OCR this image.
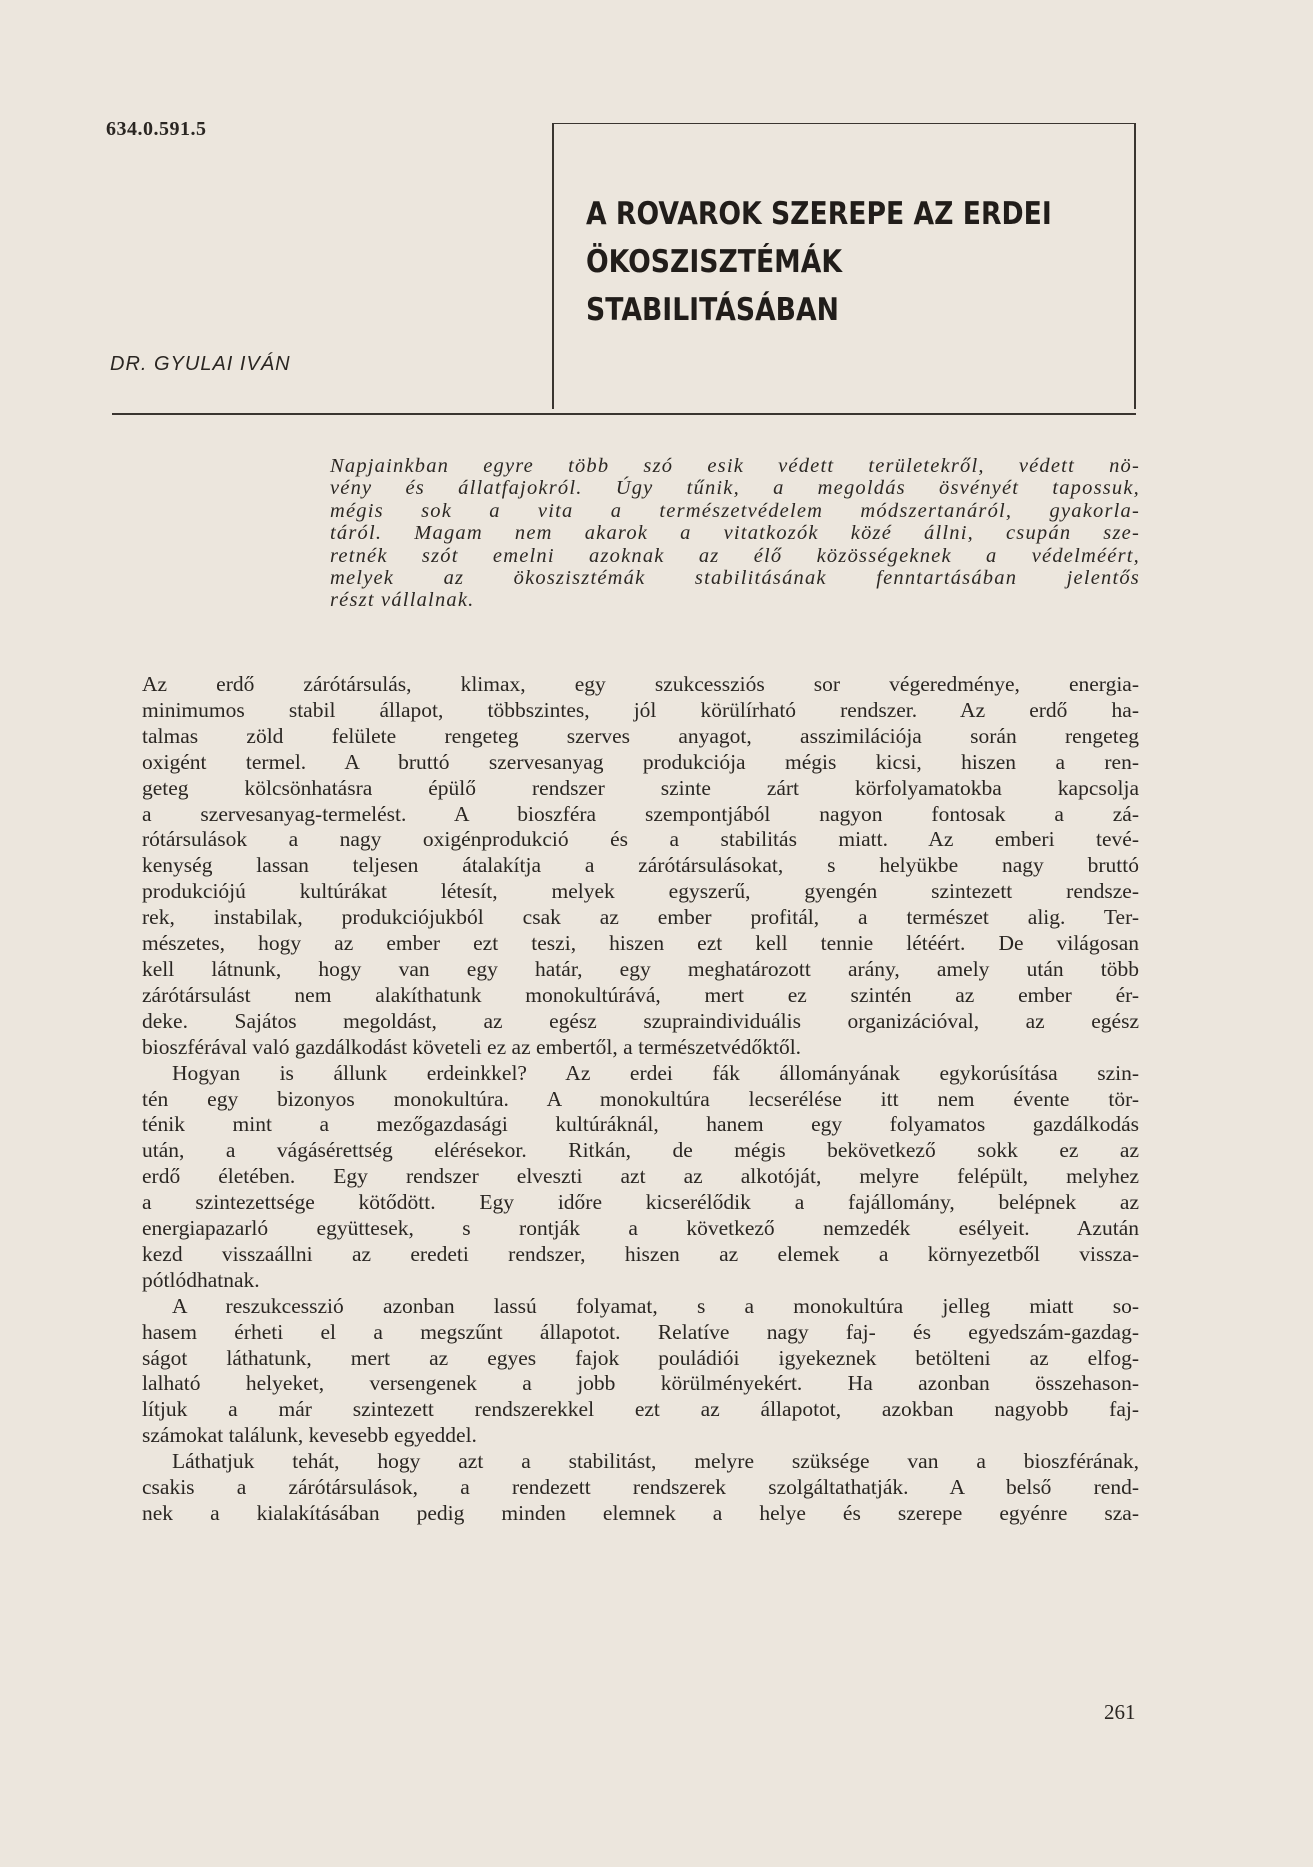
634.0.591.5
A ROVAROK SZEREPE AZ ERDEI
ÖKOSZISZTÉMÁK
STABILITÁSÁBAN
DR. GYULAI IVÁN
Napjainkban egyre több szó esik védett területekről, védett nö-
vény és állatfajokról. Úgy tűnik, a megoldás ösvényét tapossuk,
mégis sok a vita a természetvédelem módszertanáról, gyakorla-
táról. Magam nem akarok a vitatkozók közé állni, csupán sze-
retnék szót emelni azoknak az élő közösségeknek a védelméért,
melyek az ökoszisztémák stabilitásának fenntartásában jelentős
részt vállalnak.
Az erdő zárótársulás, klimax, egy szukcessziós sor végeredménye, energia-
minimumos stabil állapot, többszintes, jól körülírható rendszer. Az erdő ha-
talmas zöld felülete rengeteg szerves anyagot, asszimilációja során rengeteg
oxigént termel. A bruttó szervesanyag produkciója mégis kicsi, hiszen a ren-
geteg kölcsönhatásra épülő rendszer szinte zárt körfolyamatokba kapcsolja
a szervesanyag-termelést. A bioszféra szempontjából nagyon fontosak a zá-
rótársulások a nagy oxigénprodukció és a stabilitás miatt. Az emberi tevé-
kenység lassan teljesen átalakítja a zárótársulásokat, s helyükbe nagy bruttó
produkciójú kultúrákat létesít, melyek egyszerű, gyengén szintezett rendsze-
rek, instabilak, produkciójukból csak az ember profitál, a természet alig. Ter-
mészetes, hogy az ember ezt teszi, hiszen ezt kell tennie létéért. De világosan
kell látnunk, hogy van egy határ, egy meghatározott arány, amely után több
zárótársulást nem alakíthatunk monokultúrává, mert ez szintén az ember ér-
deke. Sajátos megoldást, az egész szupraindividuális organizációval, az egész
bioszférával való gazdálkodást követeli ez az embertől, a természetvédőktől.
Hogyan is állunk erdeinkkel? Az erdei fák állományának egykorúsítása szin-
tén egy bizonyos monokultúra. A monokultúra lecserélése itt nem évente tör-
ténik mint a mezőgazdasági kultúráknál, hanem egy folyamatos gazdálkodás
után, a vágásérettség elérésekor. Ritkán, de mégis bekövetkező sokk ez az
erdő életében. Egy rendszer elveszti azt az alkotóját, melyre felépült, melyhez
a szintezettsége kötődött. Egy időre kicserélődik a fajállomány, belépnek az
energiapazarló együttesek, s rontják a következő nemzedék esélyeit. Azután
kezd visszaállni az eredeti rendszer, hiszen az elemek a környezetből vissza-
pótlódhatnak.
A reszukcesszió azonban lassú folyamat, s a monokultúra jelleg miatt so-
hasem érheti el a megszűnt állapotot. Relatíve nagy faj- és egyedszám-gazdag-
ságot láthatunk, mert az egyes fajok pouládiói igyekeznek betölteni az elfog-
lalható helyeket, versengenek a jobb körülményekért. Ha azonban összehason-
lítjuk a már szintezett rendszerekkel ezt az állapotot, azokban nagyobb faj-
számokat találunk, kevesebb egyeddel.
Láthatjuk tehát, hogy azt a stabilitást, melyre szüksége van a bioszférának,
csakis a zárótársulások, a rendezett rendszerek szolgáltathatják. A belső rend-
nek a kialakításában pedig minden elemnek a helye és szerepe egyénre sza-
261
